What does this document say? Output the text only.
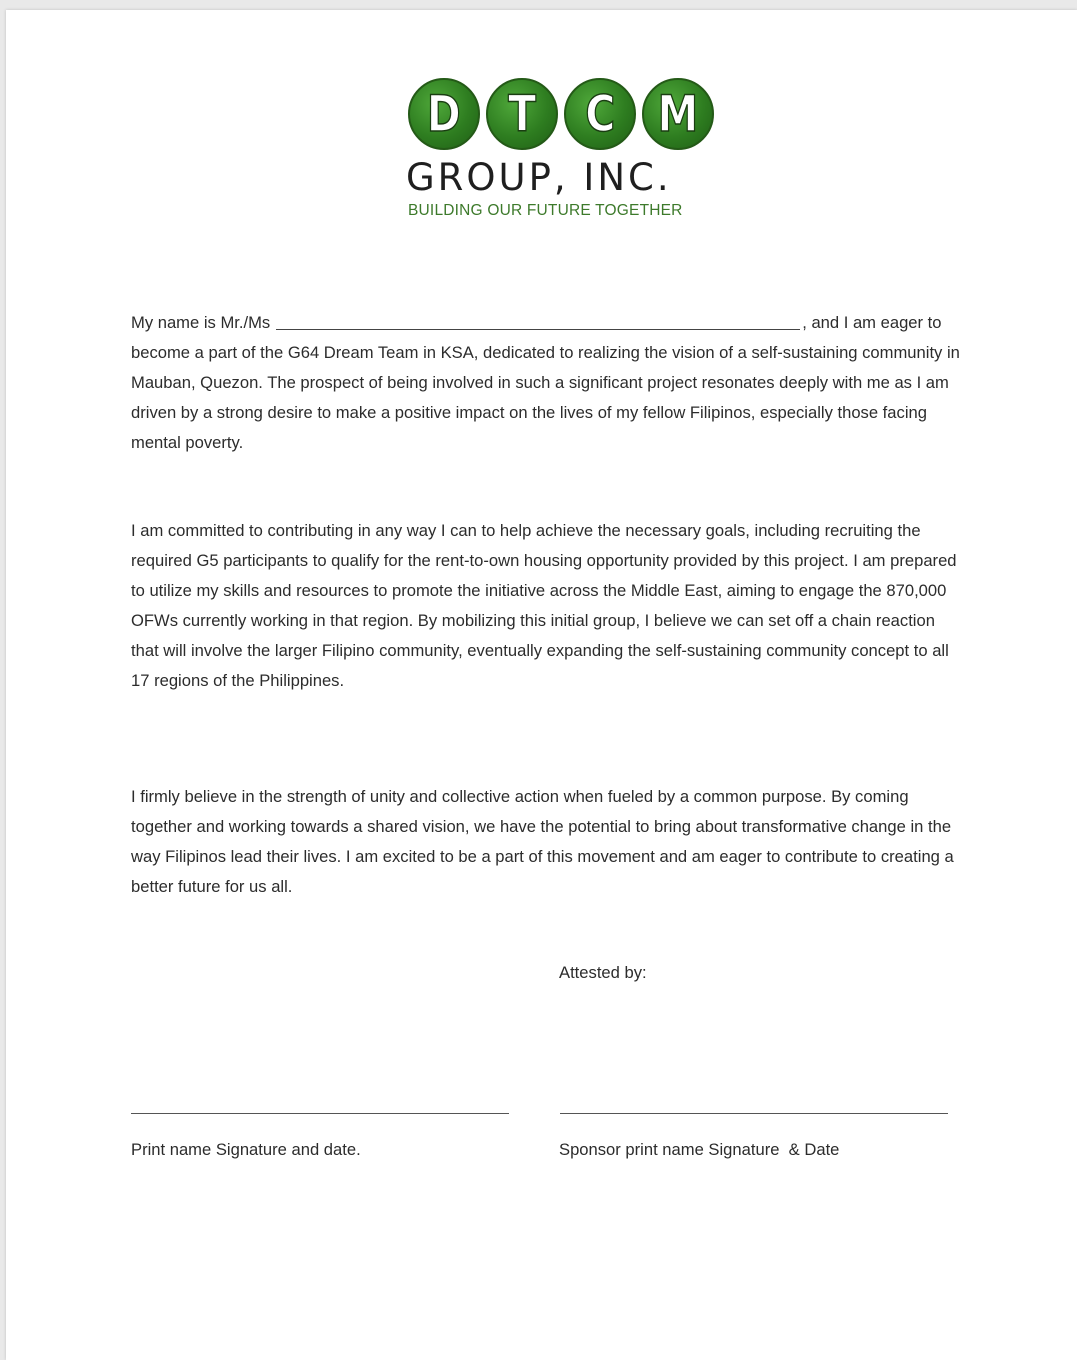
D T C M
GROUP, INC.
BUILDING OUR FUTURE TOGETHER
My name is Mr./Ms	, and I am eager to become a part of the G64 Dream Team in KSA, dedicated to realizing the vision of a self-sustaining community in Mauban, Quezon. The prospect of being involved in such a significant project resonates deeply with me as I am driven by a strong desire to make a positive impact on the lives of my fellow Filipinos, especially those facing mental poverty.
I am committed to contributing in any way I can to help achieve the necessary goals, including recruiting the required G5 participants to qualify for the rent-to-own housing opportunity provided by this project. I am prepared to utilize my skills and resources to promote the initiative across the Middle East, aiming to engage the 870,000 OFWs currently working in that region. By mobilizing this initial group, I believe we can set off a chain reaction that will involve the larger Filipino community, eventually expanding the self-sustaining community concept to all 17 regions of the Philippines.
I firmly believe in the strength of unity and collective action when fueled by a common purpose. By coming together and working towards a shared vision, we have the potential to bring about transformative change in the way Filipinos lead their lives. I am excited to be a part of this movement and am eager to contribute to creating a better future for us all.
Attested by:
Print name Signature and date.	Sponsor print name Signature  & Date
